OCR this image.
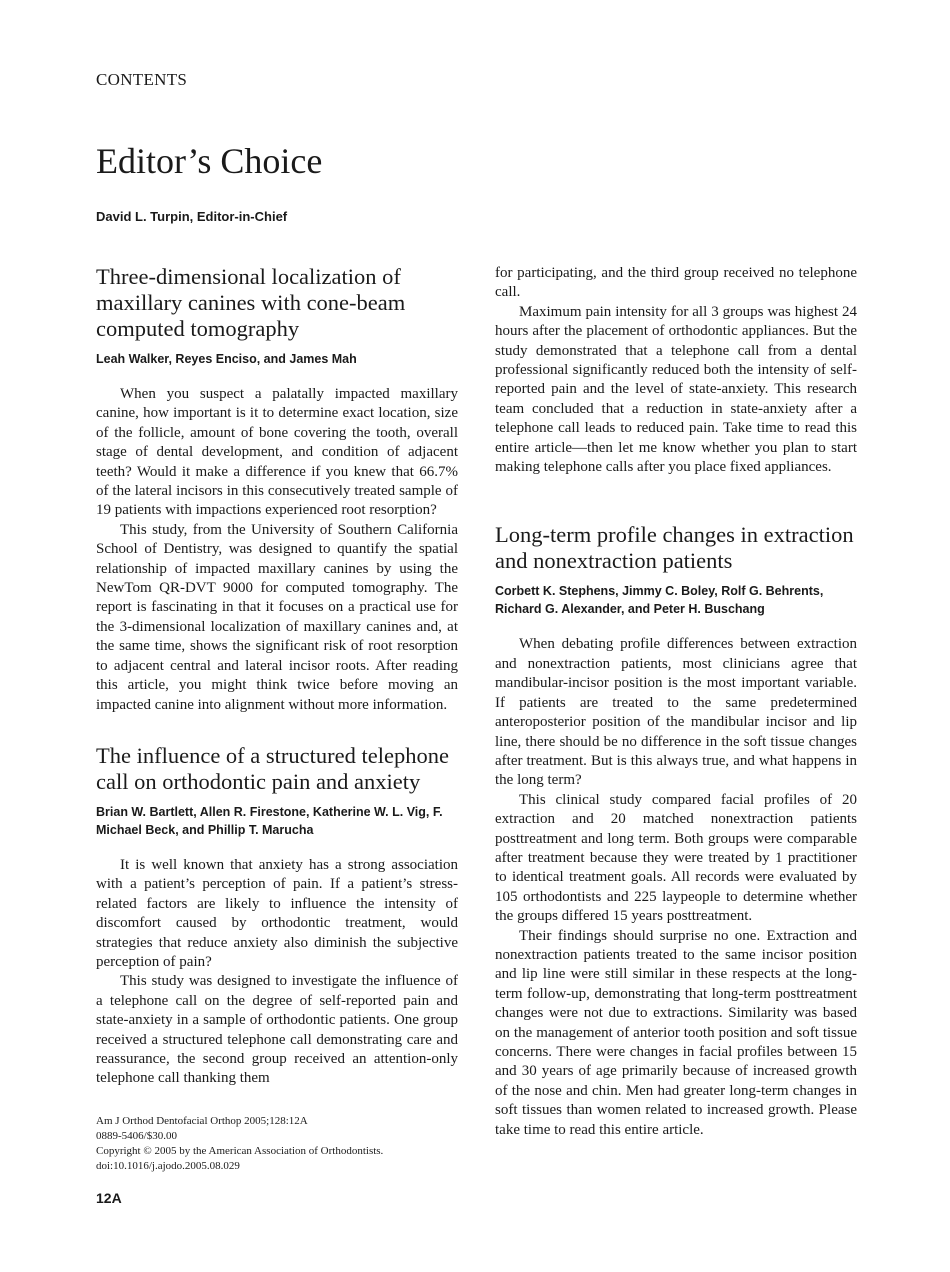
CONTENTS
Editor’s Choice
David L. Turpin, Editor-in-Chief
Three-dimensional localization of maxillary canines with cone-beam computed tomography
Leah Walker, Reyes Enciso, and James Mah

When you suspect a palatally impacted maxillary canine, how important is it to determine exact location, size of the follicle, amount of bone covering the tooth, overall stage of dental development, and condition of adjacent teeth? Would it make a difference if you knew that 66.7% of the lateral incisors in this consecutively treated sample of 19 patients with impactions experienced root resorption?

This study, from the University of Southern California School of Dentistry, was designed to quantify the spatial relationship of impacted maxillary canines by using the NewTom QR-DVT 9000 for computed tomography. The report is fascinating in that it focuses on a practical use for the 3-dimensional localization of maxillary canines and, at the same time, shows the significant risk of root resorption to adjacent central and lateral incisor roots. After reading this article, you might think twice before moving an impacted canine into alignment without more information.

The influence of a structured telephone call on orthodontic pain and anxiety
Brian W. Bartlett, Allen R. Firestone, Katherine W. L. Vig, F. Michael Beck, and Phillip T. Marucha

It is well known that anxiety has a strong association with a patient’s perception of pain. If a patient’s stress-related factors are likely to influence the intensity of discomfort caused by orthodontic treatment, would strategies that reduce anxiety also diminish the subjective perception of pain?

This study was designed to investigate the influence of a telephone call on the degree of self-reported pain and state-anxiety in a sample of orthodontic patients. One group received a structured telephone call demonstrating care and reassurance, the second group received an attention-only telephone call thanking them

for participating, and the third group received no telephone call.

Maximum pain intensity for all 3 groups was highest 24 hours after the placement of orthodontic appliances. But the study demonstrated that a telephone call from a dental professional significantly reduced both the intensity of self-reported pain and the level of state-anxiety. This research team concluded that a reduction in state-anxiety after a telephone call leads to reduced pain. Take time to read this entire article—then let me know whether you plan to start making telephone calls after you place fixed appliances.

Long-term profile changes in extraction and nonextraction patients
Corbett K. Stephens, Jimmy C. Boley, Rolf G. Behrents, Richard G. Alexander, and Peter H. Buschang

When debating profile differences between extraction and nonextraction patients, most clinicians agree that mandibular-incisor position is the most important variable. If patients are treated to the same predetermined anteroposterior position of the mandibular incisor and lip line, there should be no difference in the soft tissue changes after treatment. But is this always true, and what happens in the long term?

This clinical study compared facial profiles of 20 extraction and 20 matched nonextraction patients posttreatment and long term. Both groups were comparable after treatment because they were treated by 1 practitioner to identical treatment goals. All records were evaluated by 105 orthodontists and 225 laypeople to determine whether the groups differed 15 years posttreatment.

Their findings should surprise no one. Extraction and nonextraction patients treated to the same incisor position and lip line were still similar in these respects at the long-term follow-up, demonstrating that long-term posttreatment changes were not due to extractions. Similarity was based on the management of anterior tooth position and soft tissue concerns. There were changes in facial profiles between 15 and 30 years of age primarily because of increased growth of the nose and chin. Men had greater long-term changes in soft tissues than women related to increased growth. Please take time to read this entire article.

Am J Orthod Dentofacial Orthop 2005;128:12A
0889-5406/$30.00
Copyright © 2005 by the American Association of Orthodontists.
doi:10.1016/j.ajodo.2005.08.029
12A
